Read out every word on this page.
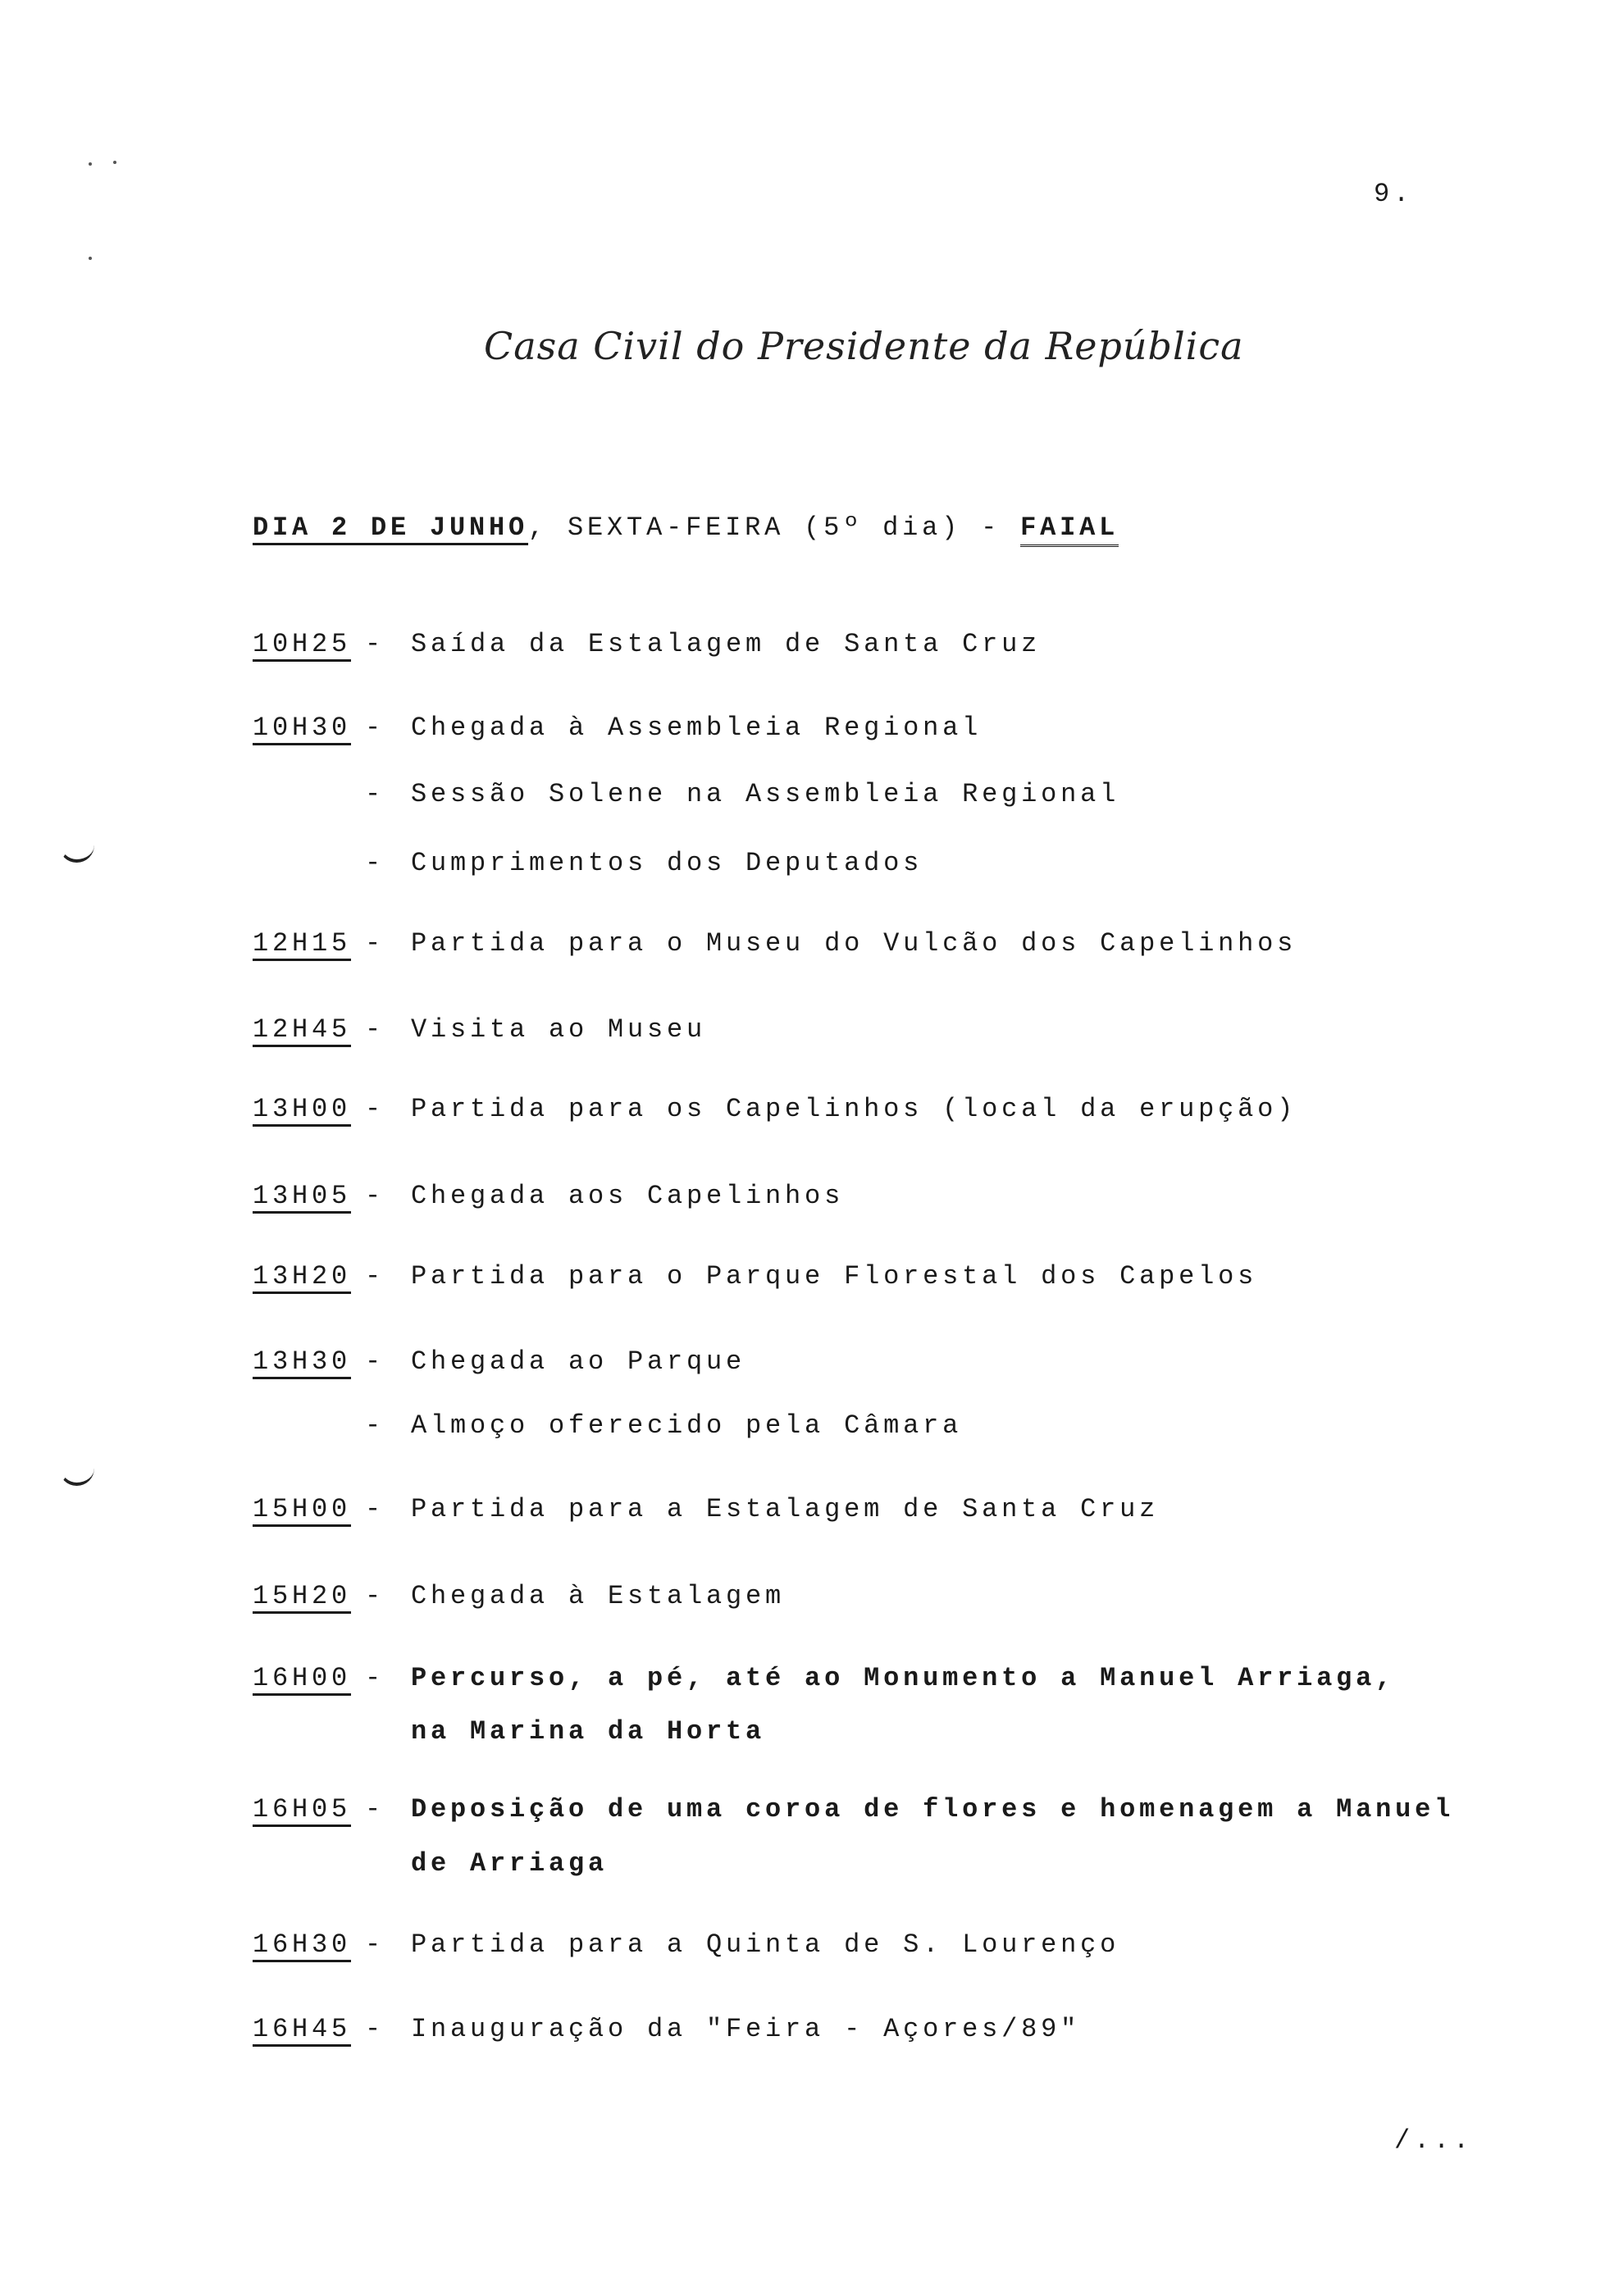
9.
Casa Civil do Presidente da República
DIA 2 DE JUNHO, SEXTA-FEIRA (5º dia) - FAIAL
10H25 - Saída da Estalagem de Santa Cruz
10H30 - Chegada à Assembleia Regional
- Sessão Solene na Assembleia Regional
- Cumprimentos dos Deputados
12H15 - Partida para o Museu do Vulcão dos Capelinhos
12H45 - Visita ao Museu
13H00 - Partida para os Capelinhos (local da erupção)
13H05 - Chegada aos Capelinhos
13H20 - Partida para o Parque Florestal dos Capelos
13H30 - Chegada ao Parque
- Almoço oferecido pela Câmara
15H00 - Partida para a Estalagem de Santa Cruz
15H20 - Chegada à Estalagem
16H00 - Percurso, a pé, até ao Monumento a Manuel Arriaga,
na Marina da Horta
16H05 - Deposição de uma coroa de flores e homenagem a Manuel
de Arriaga
16H30 - Partida para a Quinta de S. Lourenço
16H45 - Inauguração da "Feira - Açores/89"
/...
